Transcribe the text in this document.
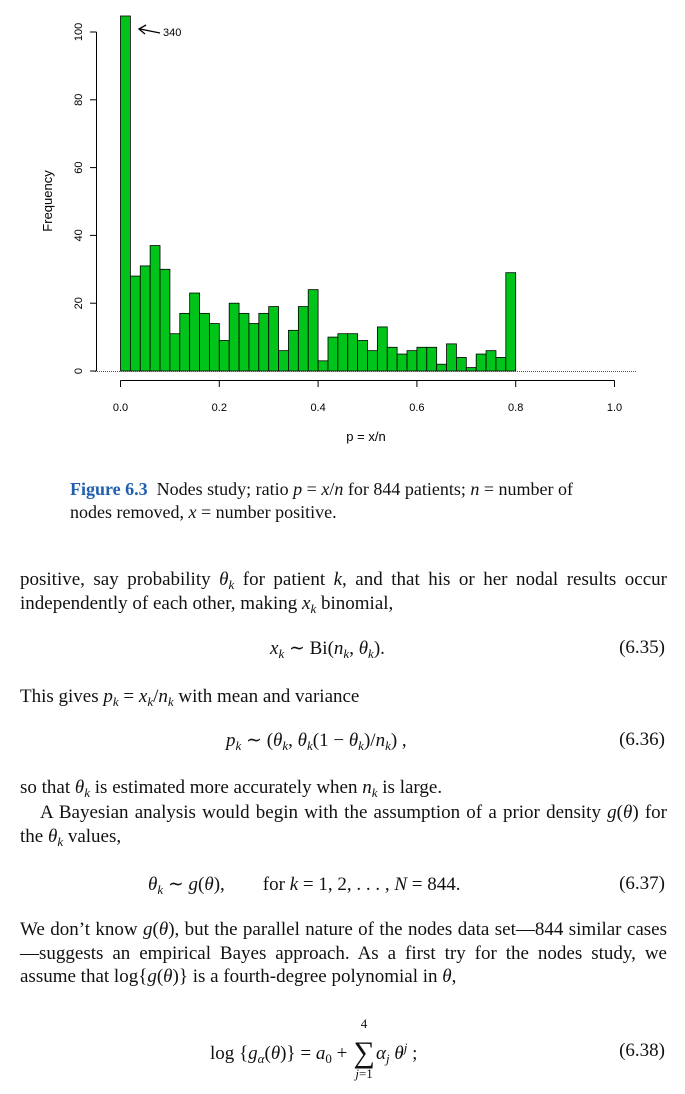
0.0	0.2	0.4	0.6	0.8	1.0
0
20
40
60
80
100	340
p = x/n
Frequency
Figure 6.3 Nodes study; ratio p = x/n for 844 patients; n = number of nodes removed, x = number positive.
positive, say probability $\theta_k$ for patient k, and that his or her nodal results occur independently of each other, making $x_k$ binomial,
$x_k$ ∼ $Bi(n_k$, $\theta_k$).	(6.35)
This gives $p_k = x_k/n_k$ with mean and variance
$p_k$ ∼ ($\theta_k$, $\theta_k(1 - \theta_k)/n_k$) ,	(6.36)
so that $\theta_k$ is estimated more accurately when $n_k$ is large.
A Bayesian analysis would begin with the assumption of a prior density g(θ) for the $\theta_k$ values,
$\theta_k$ ∼ g(θ),        for k = 1, 2, . . . , N = 844.	(6.37)
We don’t know g(θ), but the parallel nature of the nodes data set—844 similar cases—suggests an empirical Bayes approach. As a first try for the nodes study, we assume that log{g(θ)} is a fourth-degree polynomial in θ,
$\log \{g_\alpha(\theta)\} = a_0$ +
4
∑
j=1
$\alpha_j$ $\theta^j$ ;	(6.38)
